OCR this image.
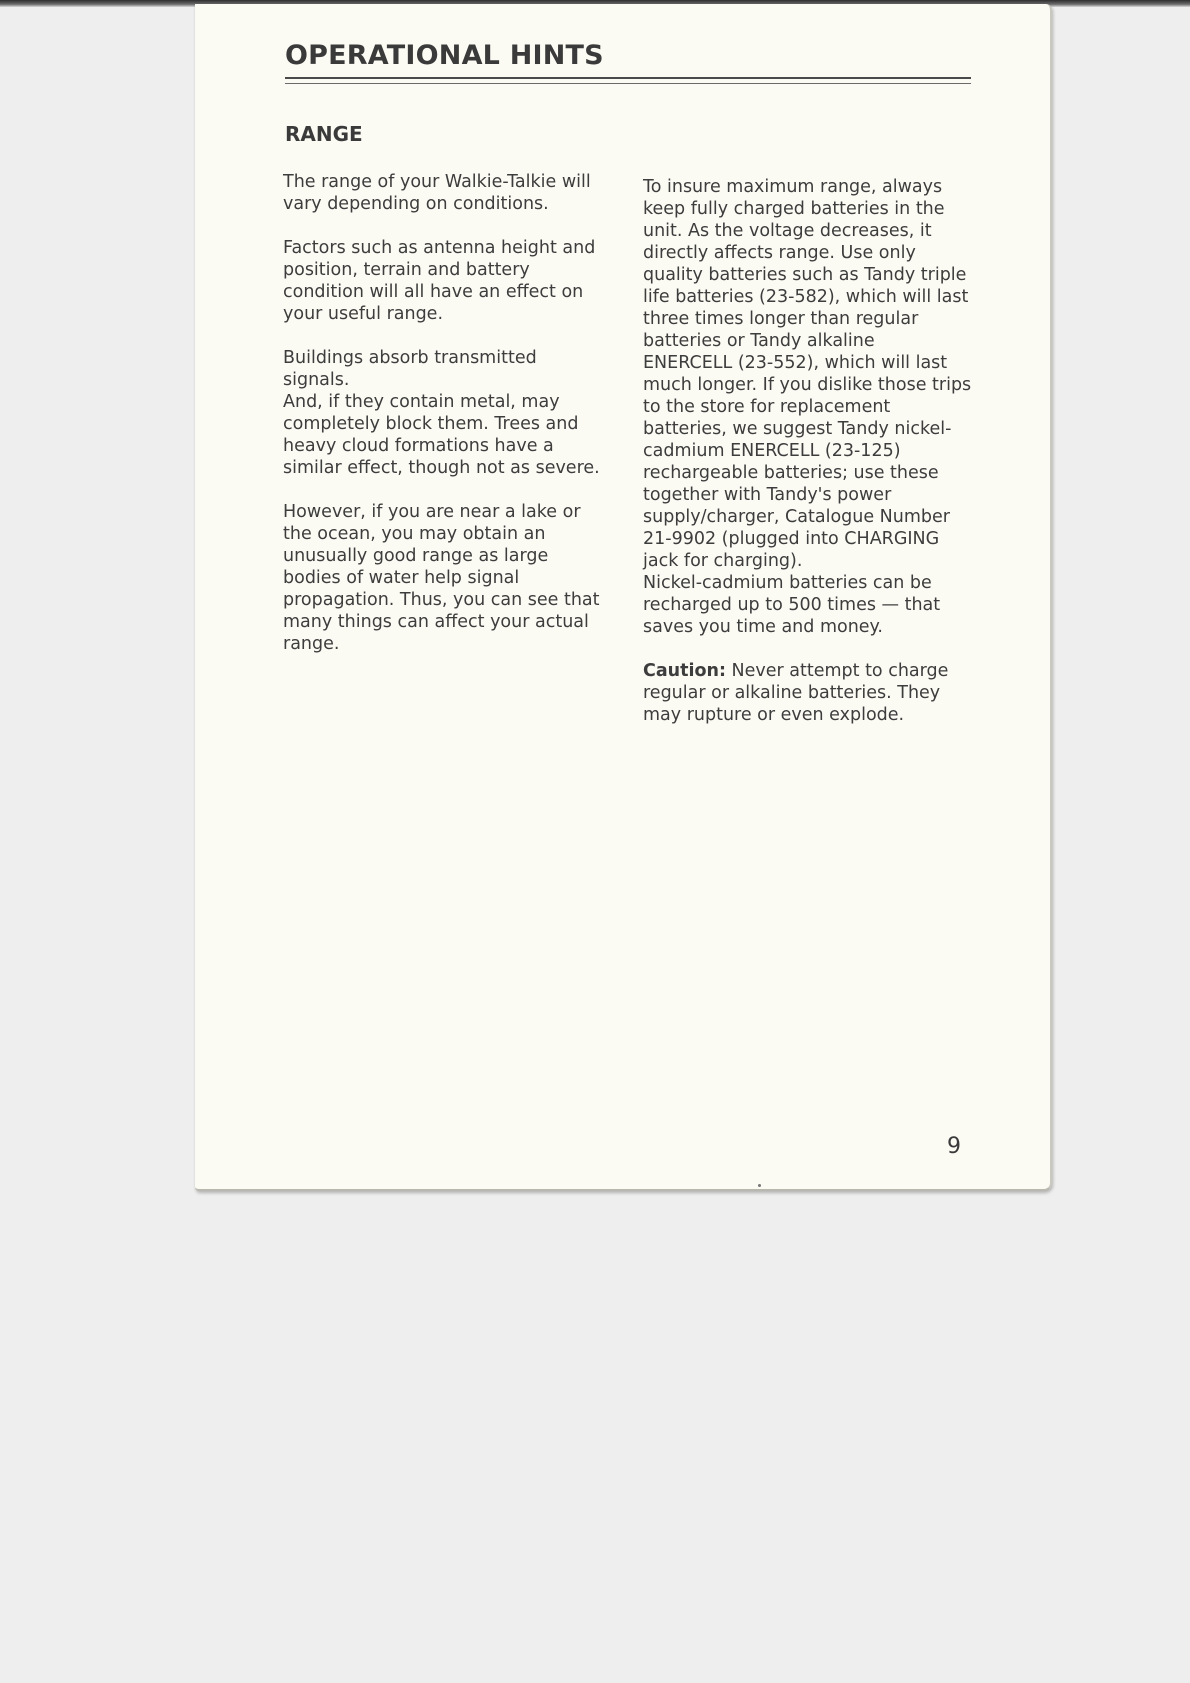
OPERATIONAL HINTS
RANGE

The range of your Walkie-Talkie will
vary depending on conditions.

Factors such as antenna height and
position, terrain and battery
condition will all have an effect on
your useful range.

Buildings absorb transmitted signals.
And, if they contain metal, may
completely block them. Trees and
heavy cloud formations have a
similar effect, though not as severe.

However, if you are near a lake or
the ocean, you may obtain an
unusually good range as large
bodies of water help signal
propagation. Thus, you can see that
many things can affect your actual
range.

To insure maximum range, always
keep fully charged batteries in the
unit. As the voltage decreases, it
directly affects range. Use only
quality batteries such as Tandy triple
life batteries (23-582), which will last
three times longer than regular
batteries or Tandy alkaline
ENERCELL (23-552), which will last
much longer. If you dislike those trips
to the store for replacement
batteries, we suggest Tandy nickel-
cadmium ENERCELL (23-125)
rechargeable batteries; use these
together with Tandy's power
supply/charger, Catalogue Number
21-9902 (plugged into CHARGING
jack for charging).
Nickel-cadmium batteries can be
recharged up to 500 times — that
saves you time and money.

Caution: Never attempt to charge
regular or alkaline batteries. They
may rupture or even explode.

9
